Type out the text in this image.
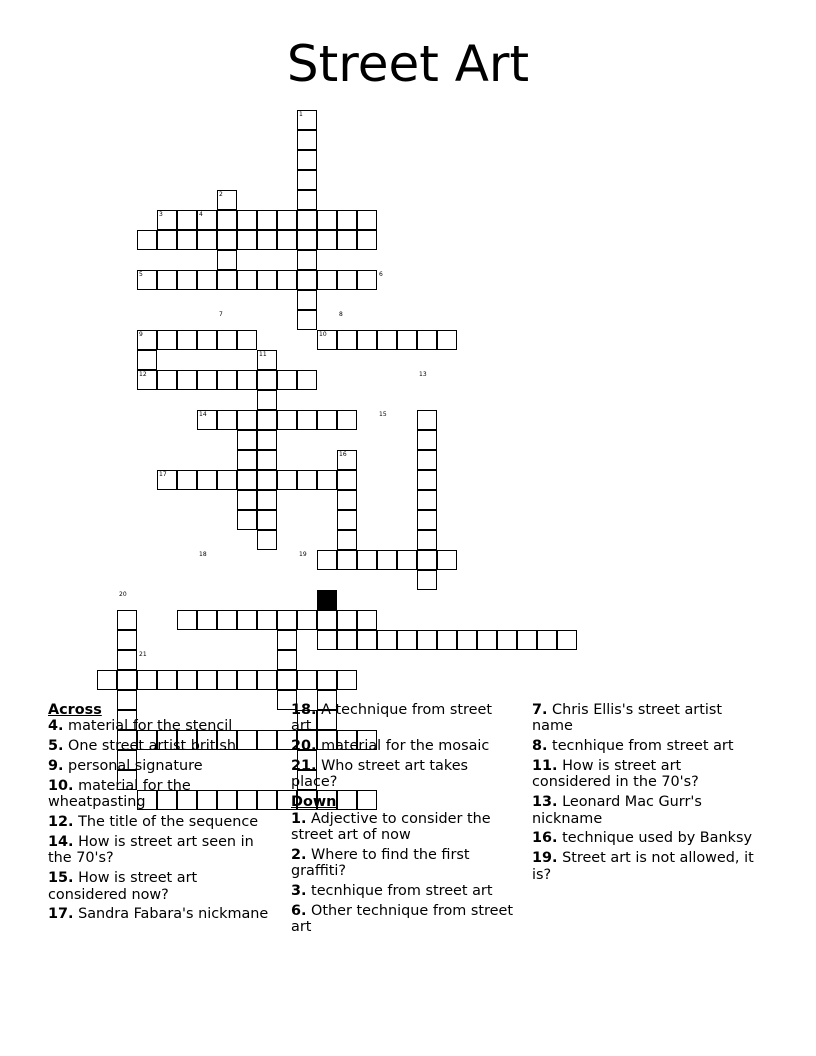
Street Art
1
2
3	4
5	6
7	8
9	10
11
12	13
14	15
16
17
18	19
20
21

Across

4. material for the stencil

5. One street artist british

9. personal signature

10. material for the wheatpasting

12. The title of the sequence

14. How is street art seen in the 70's?

15. How is street art considered now?

17. Sandra Fabara's nickmane

18. A technique from street art

20. material for the mosaic

21. Who street art takes place?

Down

1. Adjective to consider the street art of now

2. Where to find the first graffiti?

3. tecnhique from street art

6. Other technique from street art

7. Chris Ellis's street artist name

8. tecnhique from street art

11. How is street art considered in the 70's?

13. Leonard Mac Gurr's nickname

16. technique used by Banksy

19. Street art is not allowed, it is?
